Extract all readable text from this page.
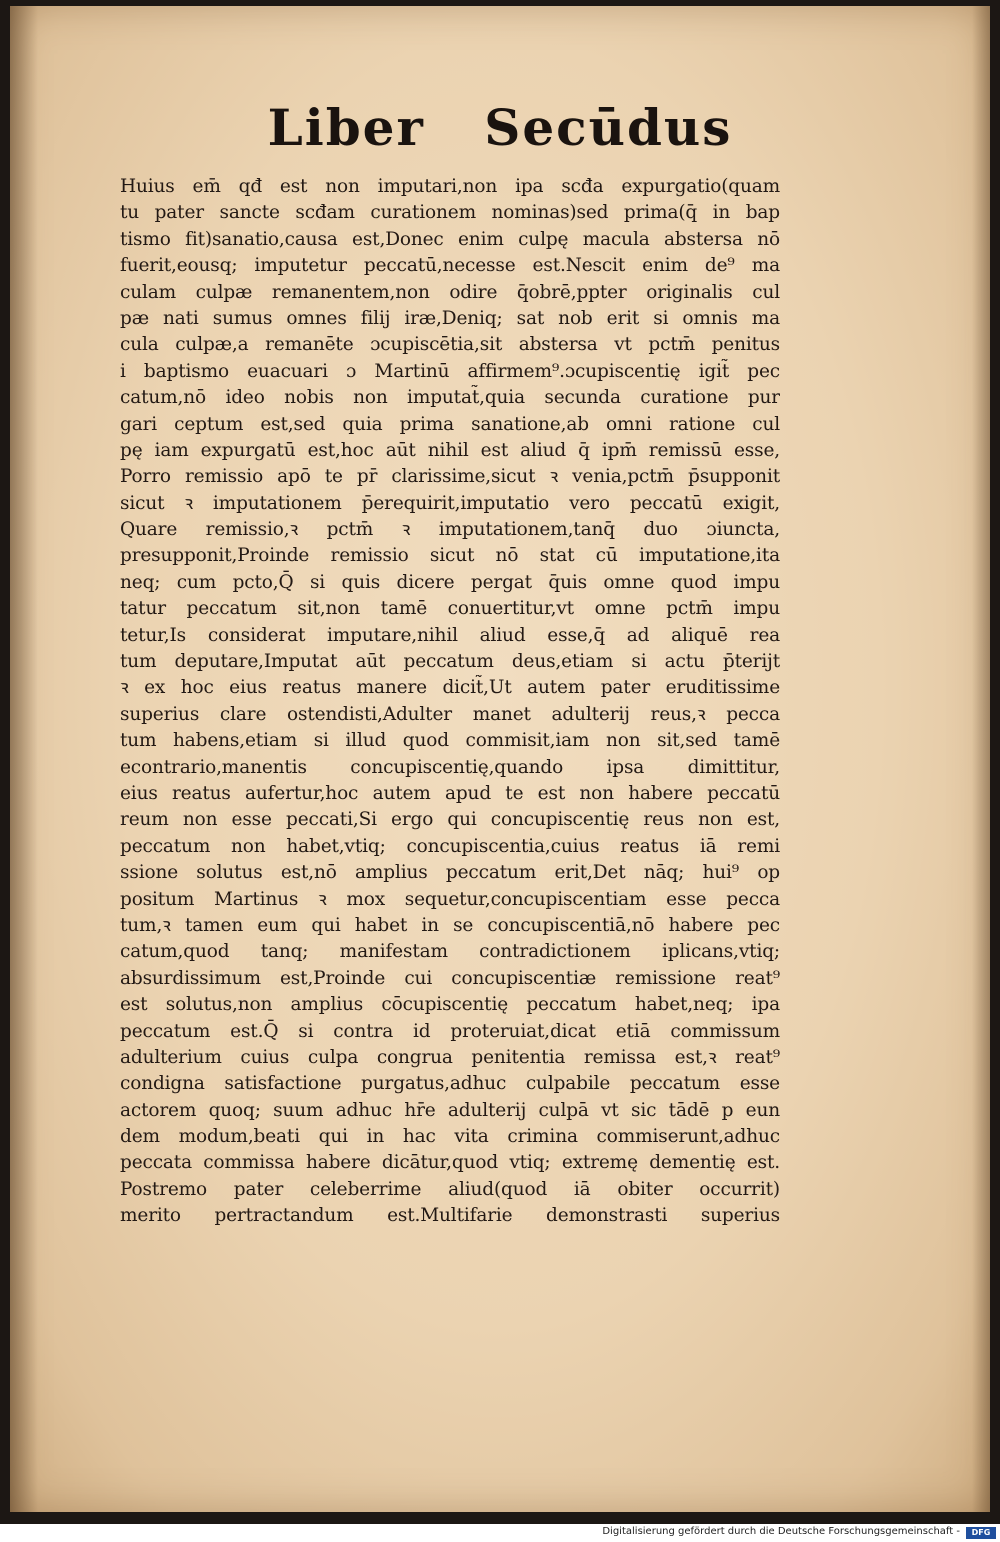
Liber Secūdus
Huius em̄ qđ est non imputari,non ipa scđa expurgatio(quam
tu pater sancte scđam curationem nominas)sed prima(q̄ in bap
tismo fit)sanatio,causa est,Donec enim culpę macula abstersa nō
fuerit,eousq; imputetur peccatū,necesse est.Nescit enim de⁹ ma
culam culpæ remanentem,non odire q̄obrē,ppter originalis cul
pæ nati sumus omnes filij iræ,Deniq; sat nob erit si omnis ma
cula culpæ,a remanēte ɔcupiscētia,sit abstersa vt pctm̄ penitus
i baptismo euacuari ɔ Martinū affirmem⁹.ɔcupiscentię igit̃ pec
catum,nō ideo nobis non imputat̃,quia secunda curatione pur
gari ceptum est,sed quia prima sanatione,ab omni ratione cul
pę iam expurgatū est,hoc aūt nihil est aliud q̄ ipm̄ remissū esse,
Porro remissio apō te pr̄ clarissime,sicut ꝛ venia,pctm̄ p̄supponit
sicut ꝛ imputationem p̄erequirit,imputatio vero peccatū exigit,
Quare remissio,ꝛ pctm̄ ꝛ imputationem,tanq̄ duo ɔiuncta,
presupponit,Proinde remissio sicut nō stat cū imputatione,ita
neq; cum pcto,Q̄ si quis dicere pergat q̄uis omne quod impu
tatur peccatum sit,non tamē conuertitur,vt omne pctm̄ impu
tetur,Is considerat imputare,nihil aliud esse,q̄ ad aliquē rea
tum deputare,Imputat aūt peccatum deus,etiam si actu p̄terijt
ꝛ ex hoc eius reatus manere dicit̃,Ut autem pater eruditissime
superius clare ostendisti,Adulter manet adulterij reus,ꝛ pecca
tum habens,etiam si illud quod commisit,iam non sit,sed tamē
econtrario,manentis concupiscentię,quando ipsa dimittitur,
eius reatus aufertur,hoc autem apud te est non habere peccatū
reum non esse peccati,Si ergo qui concupiscentię reus non est,
peccatum non habet,vtiq; concupiscentia,cuius reatus iā remi
ssione solutus est,nō amplius peccatum erit,Det nāq; hui⁹ op
positum Martinus ꝛ mox sequetur,concupiscentiam esse pecca
tum,ꝛ tamen eum qui habet in se concupiscentiā,nō habere pec
catum,quod tanq; manifestam contradictionem iplicans,vtiq;
absurdissimum est,Proinde cui concupiscentiæ remissione reat⁹
est solutus,non amplius cōcupiscentię peccatum habet,neq; ipa
peccatum est.Q̄ si contra id proteruiat,dicat etiā commissum
adulterium cuius culpa congrua penitentia remissa est,ꝛ reat⁹
condigna satisfactione purgatus,adhuc culpabile peccatum esse
actorem quoq; suum adhuc hr̄e adulterij culpā vt sic tādē p eun
dem modum,beati qui in hac vita crimina commiserunt,adhuc
peccata commissa habere dicātur,quod vtiq; extremę dementię est.
Postremo pater celeberrime aliud(quod iā obiter occurrit)
merito pertractandum est.Multifarie demonstrasti superius
Digitalisierung gefördert durch die Deutsche Forschungsgemeinschaft -	DFG
